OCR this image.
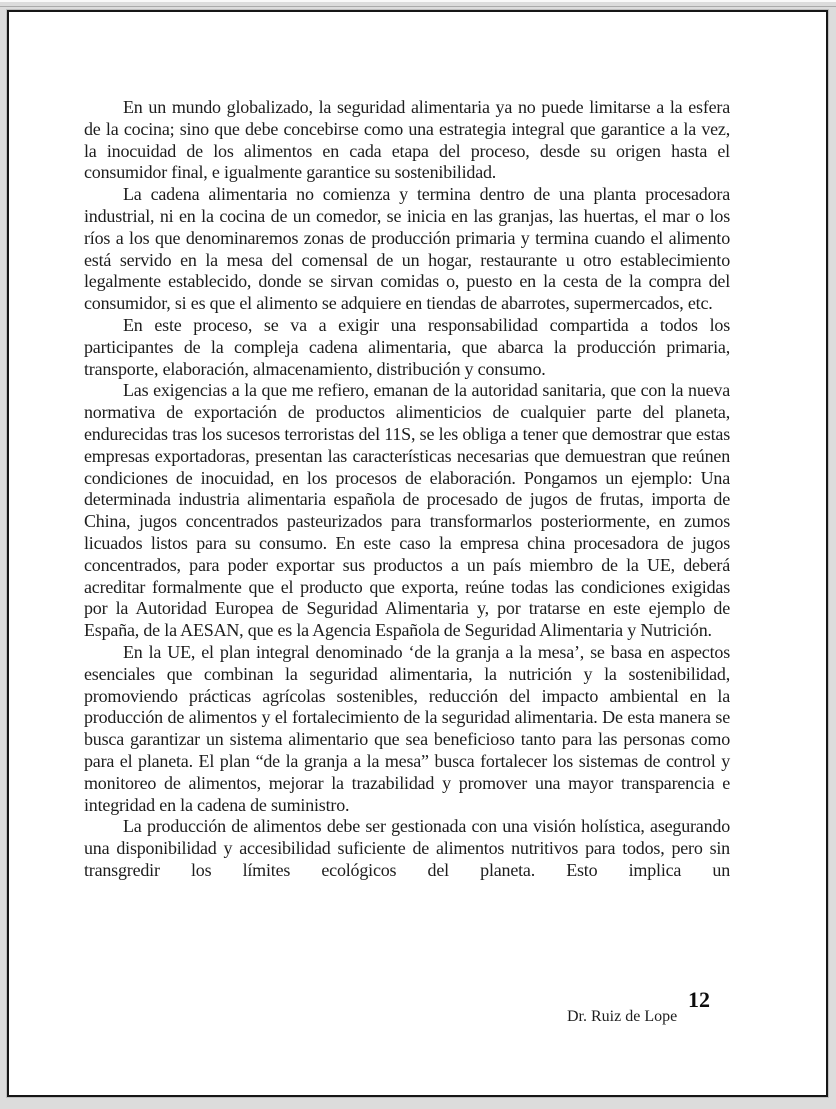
En un mundo globalizado, la seguridad alimentaria ya no puede limitarse a la esfera de la cocina; sino que debe concebirse como una estrategia integral que garantice a la vez, la inocuidad de los alimentos en cada etapa del proceso, desde su origen hasta el consumidor final, e igualmente garantice su sostenibilidad.

La cadena alimentaria no comienza y termina dentro de una planta procesadora industrial, ni en la cocina de un comedor, se inicia en las granjas, las huertas, el mar o los ríos a los que denominaremos zonas de producción primaria y termina cuando el alimento está servido en la mesa del comensal de un hogar, restaurante u otro establecimiento legalmente establecido, donde se sirvan comidas o, puesto en la cesta de la compra del consumidor, si es que el alimento se adquiere en tiendas de abarrotes, supermercados, etc.

En este proceso, se va a exigir una responsabilidad compartida a todos los participantes de la compleja cadena alimentaria, que abarca la producción primaria, transporte, elaboración, almacenamiento, distribución y consumo.

Las exigencias a la que me refiero, emanan de la autoridad sanitaria, que con la nueva normativa de exportación de productos alimenticios de cualquier parte del planeta, endurecidas tras los sucesos terroristas del 11S, se les obliga a tener que demostrar que estas empresas exportadoras, presentan las características necesarias que demuestran que reúnen condiciones de inocuidad, en los procesos de elaboración. Pongamos un ejemplo: Una determinada industria alimentaria española de procesado de jugos de frutas, importa de China, jugos concentrados pasteurizados para transformarlos posteriormente, en zumos licuados listos para su consumo. En este caso la empresa china procesadora de jugos concentrados, para poder exportar sus productos a un país miembro de la UE, deberá acreditar formalmente que el producto que exporta, reúne todas las condiciones exigidas por la Autoridad Europea de Seguridad Alimentaria y, por tratarse en este ejemplo de España, de la AESAN, que es la Agencia Española de Seguridad Alimentaria y Nutrición.

En la UE, el plan integral denominado ‘de la granja a la mesa’, se basa en aspectos esenciales que combinan la seguridad alimentaria, la nutrición y la sostenibilidad, promoviendo prácticas agrícolas sostenibles, reducción del impacto ambiental en la producción de alimentos y el fortalecimiento de la seguridad alimentaria. De esta manera se busca garantizar un sistema alimentario que sea beneficioso tanto para las personas como para el planeta. El plan “de la granja a la mesa” busca fortalecer los sistemas de control y monitoreo de alimentos, mejorar la trazabilidad y promover una mayor transparencia e integridad en la cadena de suministro.

La producción de alimentos debe ser gestionada con una visión holística, asegurando una disponibilidad y accesibilidad suficiente de alimentos nutritivos para todos, pero sin transgredir los límites ecológicos del planeta. Esto implica un

12
Dr. Ruiz de Lope
